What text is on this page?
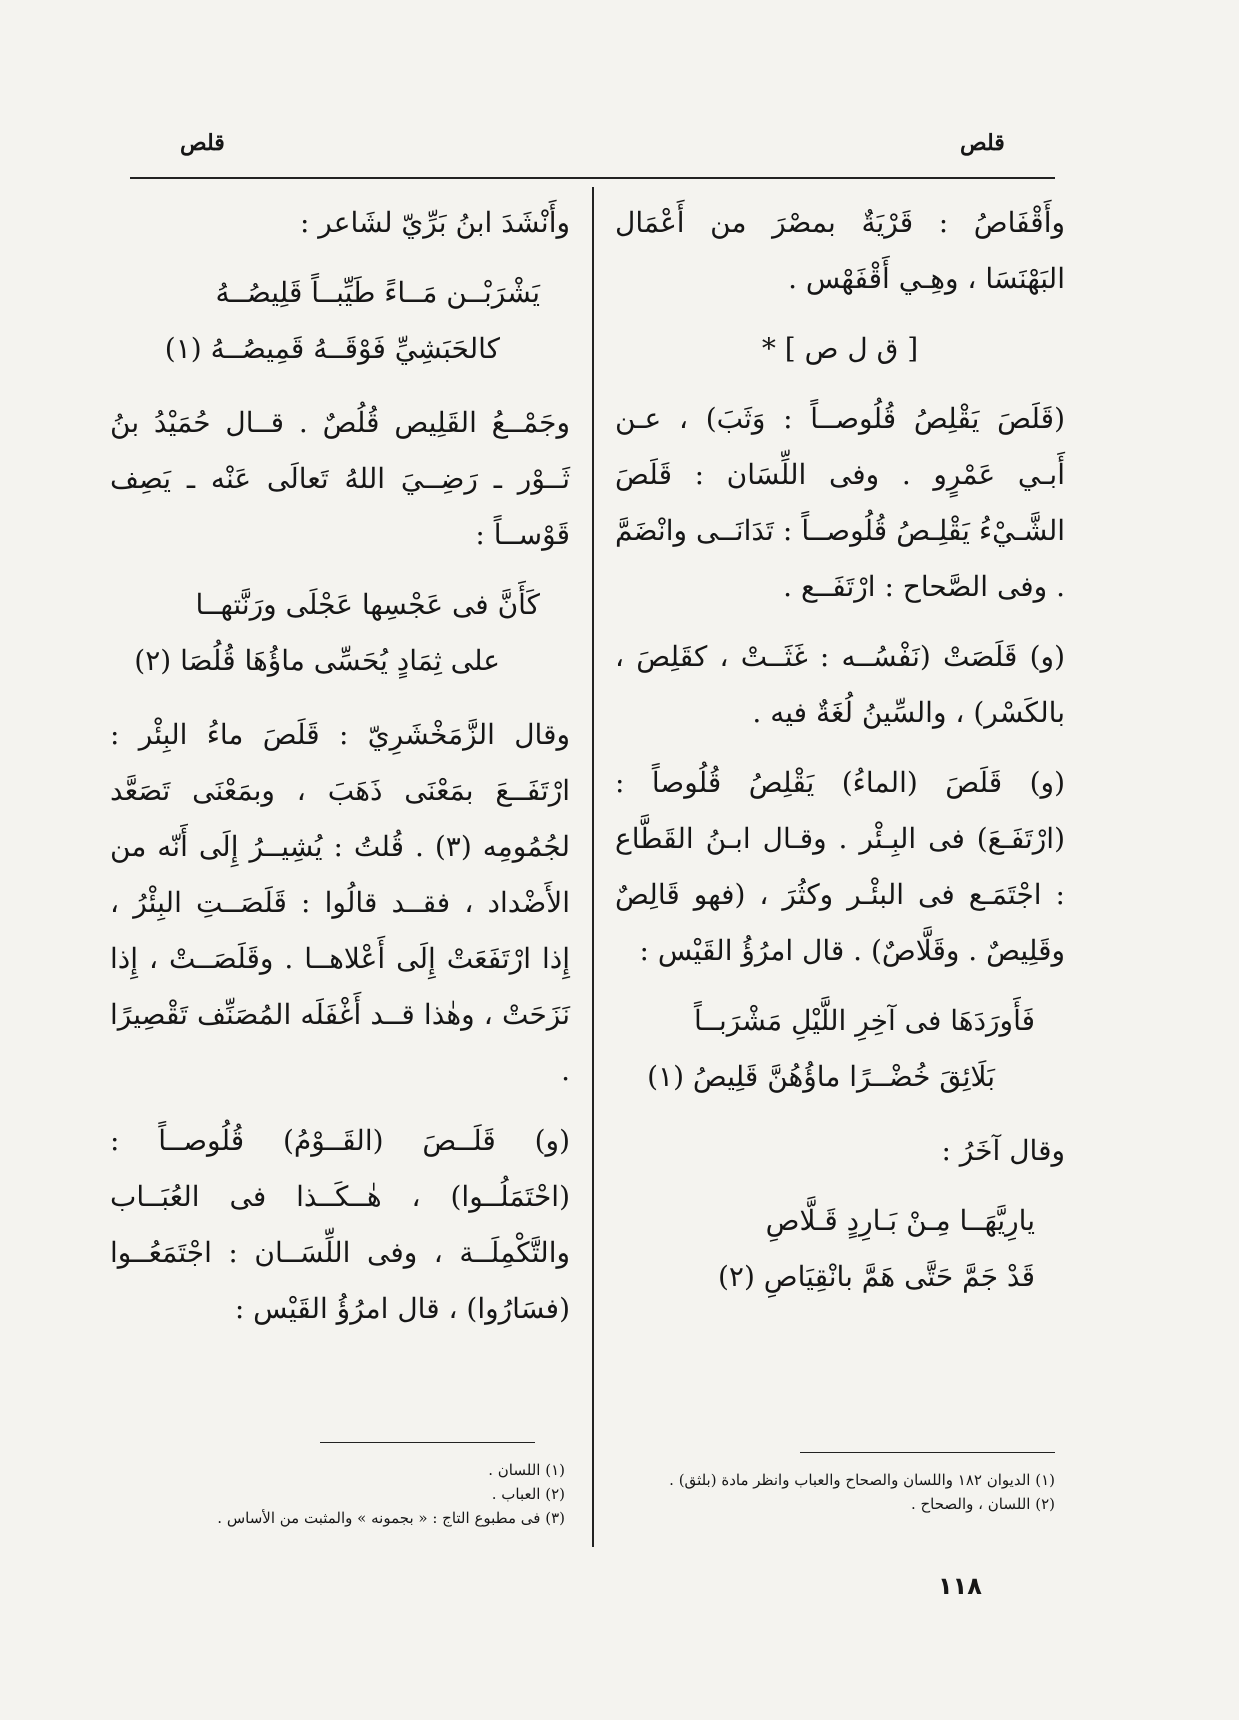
قلص
قلص

وأَقْفَاصُ : قَرْيَةٌ بمصْرَ من أَعْمَال البَهْنَسَا ، وهِـي أَقْفَهْس .

[ ق ل ص ] *

(قَلَصَ يَقْلِصُ قُلُوصــاً : وَثَبَ) ، عـن أَبـي عَمْرٍو . وفى اللِّسَان : قَلَصَ الشَّـيْءُ يَقْلِـصُ قُلُوصــاً : تَدَانَــى وانْضَمَّ . وفى الصَّحاح : ارْتَفَــع .

(و) قَلَصَتْ (نَفْسُــه : غَثَــتْ ، كقَلِصَ ، بالكَسْر) ، والسِّينُ لُغَةٌ فيه .

(و) قَلَصَ (الماءُ) يَقْلِصُ قُلُوصاً : (ارْتَفَـعَ) فى البِـئْر . وقـال ابـنُ القَطَّاع : اجْتَمَـع فى البئْـر وكثُرَ ، (فهو قَالِصٌ وقَلِيصٌ . وقَلَّاصٌ) . قال امرُؤُ القَيْس :

فَأَورَدَهَا فى آخِرِ اللَّيْلِ مَشْرَبــاً
بَلَائِقَ خُضْــرًا ماؤُهُنَّ قَلِيصُ (١)

وقال آخَرُ :

يارِيَّهَــا مِـنْ بَـارِدٍ قَـلَّاصِ
قَدْ جَمَّ حَتَّى هَمَّ بانْقِيَاصِ (٢)

وأَنْشَدَ ابنُ بَرِّيّ لشَاعر :

يَشْرَبْــن مَــاءً طَيِّبــاً قَلِيصُــهُ
كالحَبَشِيِّ فَوْقَــهُ قَمِيصُــهُ (١)

وجَمْــعُ القَلِيص قُلُصٌ . قــال حُمَيْدُ بنُ ثَــوْر ـ رَضِــيَ اللهُ تَعالَى عَنْه ـ يَصِف قَوْســاً :

كَأَنَّ فى عَجْسِها عَجْلَى ورَنَّتهــا
على ثِمَادٍ يُحَسِّى ماؤُهَا قُلُصَا (٢)

وقال الزَّمَخْشَرِيّ : قَلَصَ ماءُ البِئْر : ارْتَفَــعَ بمَعْنَى ذَهَبَ ، وبمَعْنَى تَصَعَّد لجُمُومِه (٣) . قُلتُ : يُشِيــرُ إِلَى أَنّه من الأَضْداد ، فقــد قالُوا : قَلَصَــتِ البِئْرُ ، إِذا ارْتَفَعَتْ إِلَى أَعْلاهــا . وقَلَصَــتْ ، إِذا نَزَحَتْ ، وهٰذا قــد أَغْفَلَه المُصَنِّف تَقْصِيرًا .

(و) قَلَــصَ (القَــوْمُ) قُلُوصــاً : (احْتَمَلُــوا) ، هٰــكَــذا فى العُبَــاب والتَّكْمِلَــة ، وفى اللِّسَــان : اجْتَمَعُــوا (فسَارُوا) ، قال امرُؤُ القَيْس :

(١) الديوان ١٨٢ واللسان والصحاح والعباب وانظر مادة (بلثق) .
(٢) اللسان ، والصحاح .
(١) اللسان .
(٢) العباب .
(٣) فى مطبوع التاج : « بجمونه » والمثبت من الأساس .
١١٨
